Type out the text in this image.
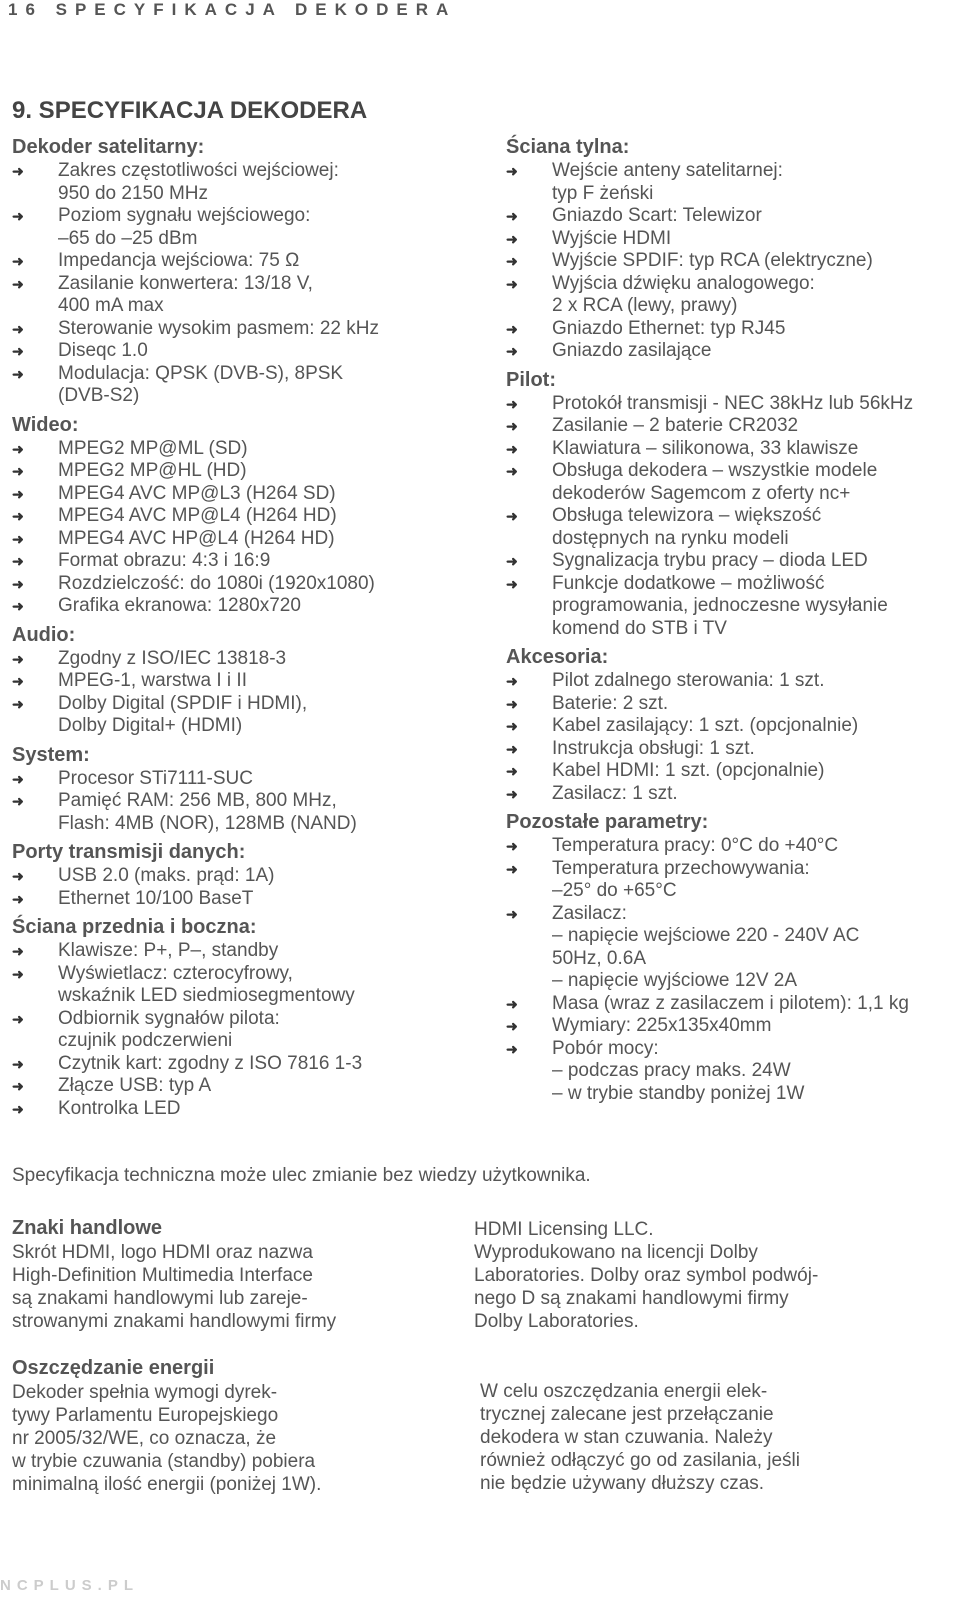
16 SPECYFIKACJA DEKODERA
9. SPECYFIKACJA DEKODERA
Dekoder satelitarny:
➜ Zakres częstotliwości wejściowej:
950 do 2150 MHz
➜ Poziom sygnału wejściowego:
–65 do –25 dBm
➜ Impedancja wejściowa: 75 Ω
➜ Zasilanie konwertera: 13/18 V,
400 mA max
➜ Sterowanie wysokim pasmem: 22 kHz
➜ Diseqc 1.0
➜ Modulacja: QPSK (DVB-S), 8PSK
(DVB-S2)
Wideo:
➜ MPEG2 MP@ML (SD)
➜ MPEG2 MP@HL (HD)
➜ MPEG4 AVC MP@L3 (H264 SD)
➜ MPEG4 AVC MP@L4 (H264 HD)
➜ MPEG4 AVC HP@L4 (H264 HD)
➜ Format obrazu: 4:3 i 16:9
➜ Rozdzielczość: do 1080i (1920x1080)
➜ Grafika ekranowa: 1280x720
Audio:
➜ Zgodny z ISO/IEC 13818-3
➜ MPEG-1, warstwa I i II
➜ Dolby Digital (SPDIF i HDMI),
Dolby Digital+ (HDMI)
System:
➜ Procesor STi7111-SUC
➜ Pamięć RAM: 256 MB, 800 MHz,
Flash: 4MB (NOR), 128MB (NAND)
Porty transmisji danych:
➜ USB 2.0 (maks. prąd: 1A)
➜ Ethernet 10/100 BaseT
Ściana przednia i boczna:
➜ Klawisze: P+, P–, standby
➜ Wyświetlacz: czterocyfrowy,
wskaźnik LED siedmiosegmentowy
➜ Odbiornik sygnałów pilota:
czujnik podczerwieni
➜ Czytnik kart: zgodny z ISO 7816 1-3
➜ Złącze USB: typ A
➜ Kontrolka LED
Ściana tylna:
➜ Wejście anteny satelitarnej:
typ F żeński
➜ Gniazdo Scart: Telewizor
➜ Wyjście HDMI
➜ Wyjście SPDIF: typ RCA (elektryczne)
➜ Wyjścia dźwięku analogowego:
2 x RCA (lewy, prawy)
➜ Gniazdo Ethernet: typ RJ45
➜ Gniazdo zasilające
Pilot:
➜ Protokół transmisji - NEC 38kHz lub 56kHz
➜ Zasilanie – 2 baterie CR2032
➜ Klawiatura – silikonowa, 33 klawisze
➜ Obsługa dekodera – wszystkie modele
dekoderów Sagemcom z oferty nc+
➜ Obsługa telewizora – większość
dostępnych na rynku modeli
➜ Sygnalizacja trybu pracy – dioda LED
➜ Funkcje dodatkowe – możliwość
programowania, jednoczesne wysyłanie
komend do STB i TV
Akcesoria:
➜ Pilot zdalnego sterowania: 1 szt.
➜ Baterie: 2 szt.
➜ Kabel zasilający: 1 szt. (opcjonalnie)
➜ Instrukcja obsługi: 1 szt.
➜ Kabel HDMI: 1 szt. (opcjonalnie)
➜ Zasilacz: 1 szt.
Pozostałe parametry:
➜ Temperatura pracy: 0°C do +40°C
➜ Temperatura przechowywania:
–25° do +65°C
➜ Zasilacz:
– napięcie wejściowe 220 - 240V AC
50Hz, 0.6A
– napięcie wyjściowe 12V 2A
➜ Masa (wraz z zasilaczem i pilotem): 1,1 kg
➜ Wymiary: 225x135x40mm
➜ Pobór mocy:
– podczas pracy maks. 24W
– w trybie standby poniżej 1W
Specyfikacja techniczna może ulec zmianie bez wiedzy użytkownika.
Znaki handlowe
Skrót HDMI, logo HDMI oraz nazwa
High-Definition Multimedia Interface
są znakami handlowymi lub zareje-
strowanymi znakami handlowymi firmy
HDMI Licensing LLC.
Wyprodukowano na licencji Dolby
Laboratories. Dolby oraz symbol podwój-
nego D są znakami handlowymi firmy
Dolby Laboratories.
Oszczędzanie energii
Dekoder spełnia wymogi dyrek-
tywy Parlamentu Europejskiego
nr 2005/32/WE, co oznacza, że
w trybie czuwania (standby) pobiera
minimalną ilość energii (poniżej 1W).
W celu oszczędzania energii elek-
trycznej zalecane jest przełączanie
dekodera w stan czuwania. Należy
również odłączyć go od zasilania, jeśli
nie będzie używany dłuższy czas.
NCPLUS.PL
